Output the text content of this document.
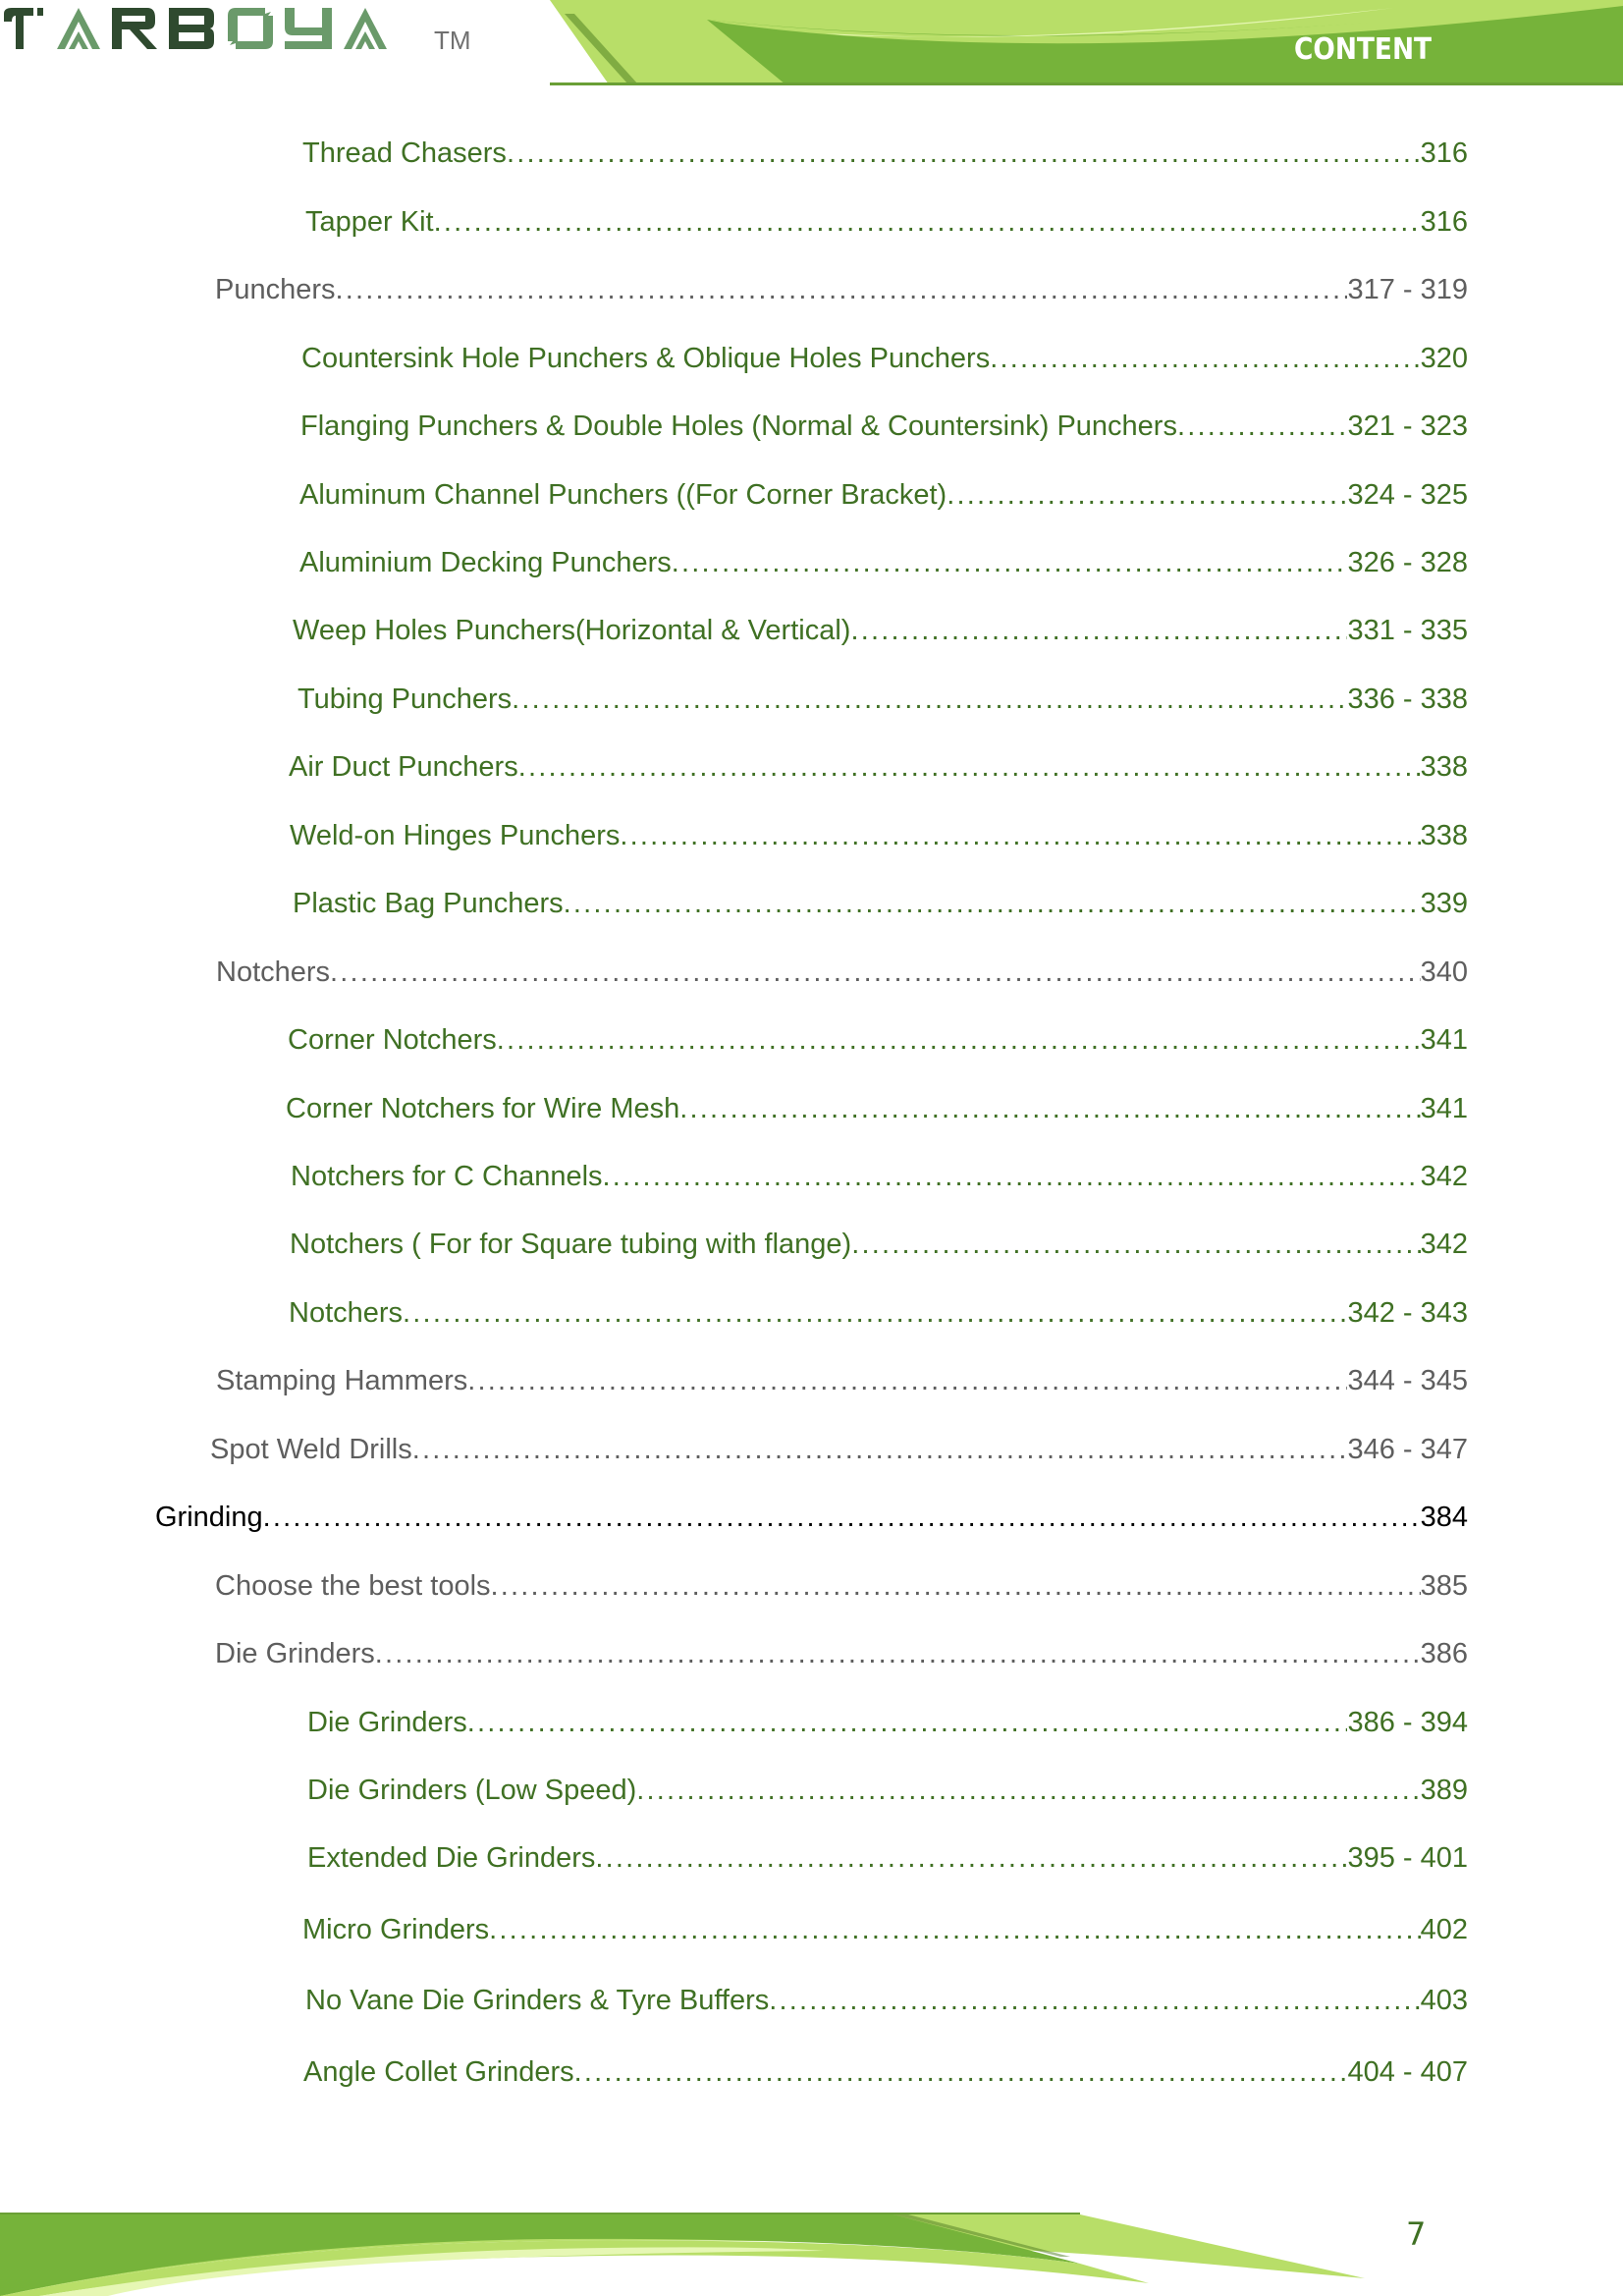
TM	CONTENT
Thread Chasers .....	316
Tapper Kit .....	316
Punchers .....	317 - 319
Countersink Hole Punchers & Oblique Holes Punchers .....	320
Flanging Punchers & Double Holes (Normal & Countersink) Punchers .....	321 - 323
Aluminum Channel Punchers ((For Corner Bracket) .....	324 - 325
Aluminium Decking Punchers .....	326 - 328
Weep Holes Punchers(Horizontal & Vertical) .....	331 - 335
Tubing Punchers .....	336 - 338
Air Duct Punchers .....	338
Weld-on Hinges Punchers .....	338
Plastic Bag Punchers .....	339
Notchers .....	340
Corner Notchers .....	341
Corner Notchers for Wire Mesh .....	341
Notchers for C Channels .....	342
Notchers ( For for Square tubing with flange) .....	342
Notchers .....	342 - 343
Stamping Hammers .....	344 - 345
Spot Weld Drills .....	346 - 347
Grinding .....	384
Choose the best tools .....	385
Die Grinders .....	386
Die Grinders .....	386 - 394
Die Grinders (Low Speed) .....	389
Extended Die Grinders .....	395 - 401
Micro Grinders .....	402
No Vane Die Grinders & Tyre Buffers .....	403
Angle Collet Grinders .....	404 - 407
7
